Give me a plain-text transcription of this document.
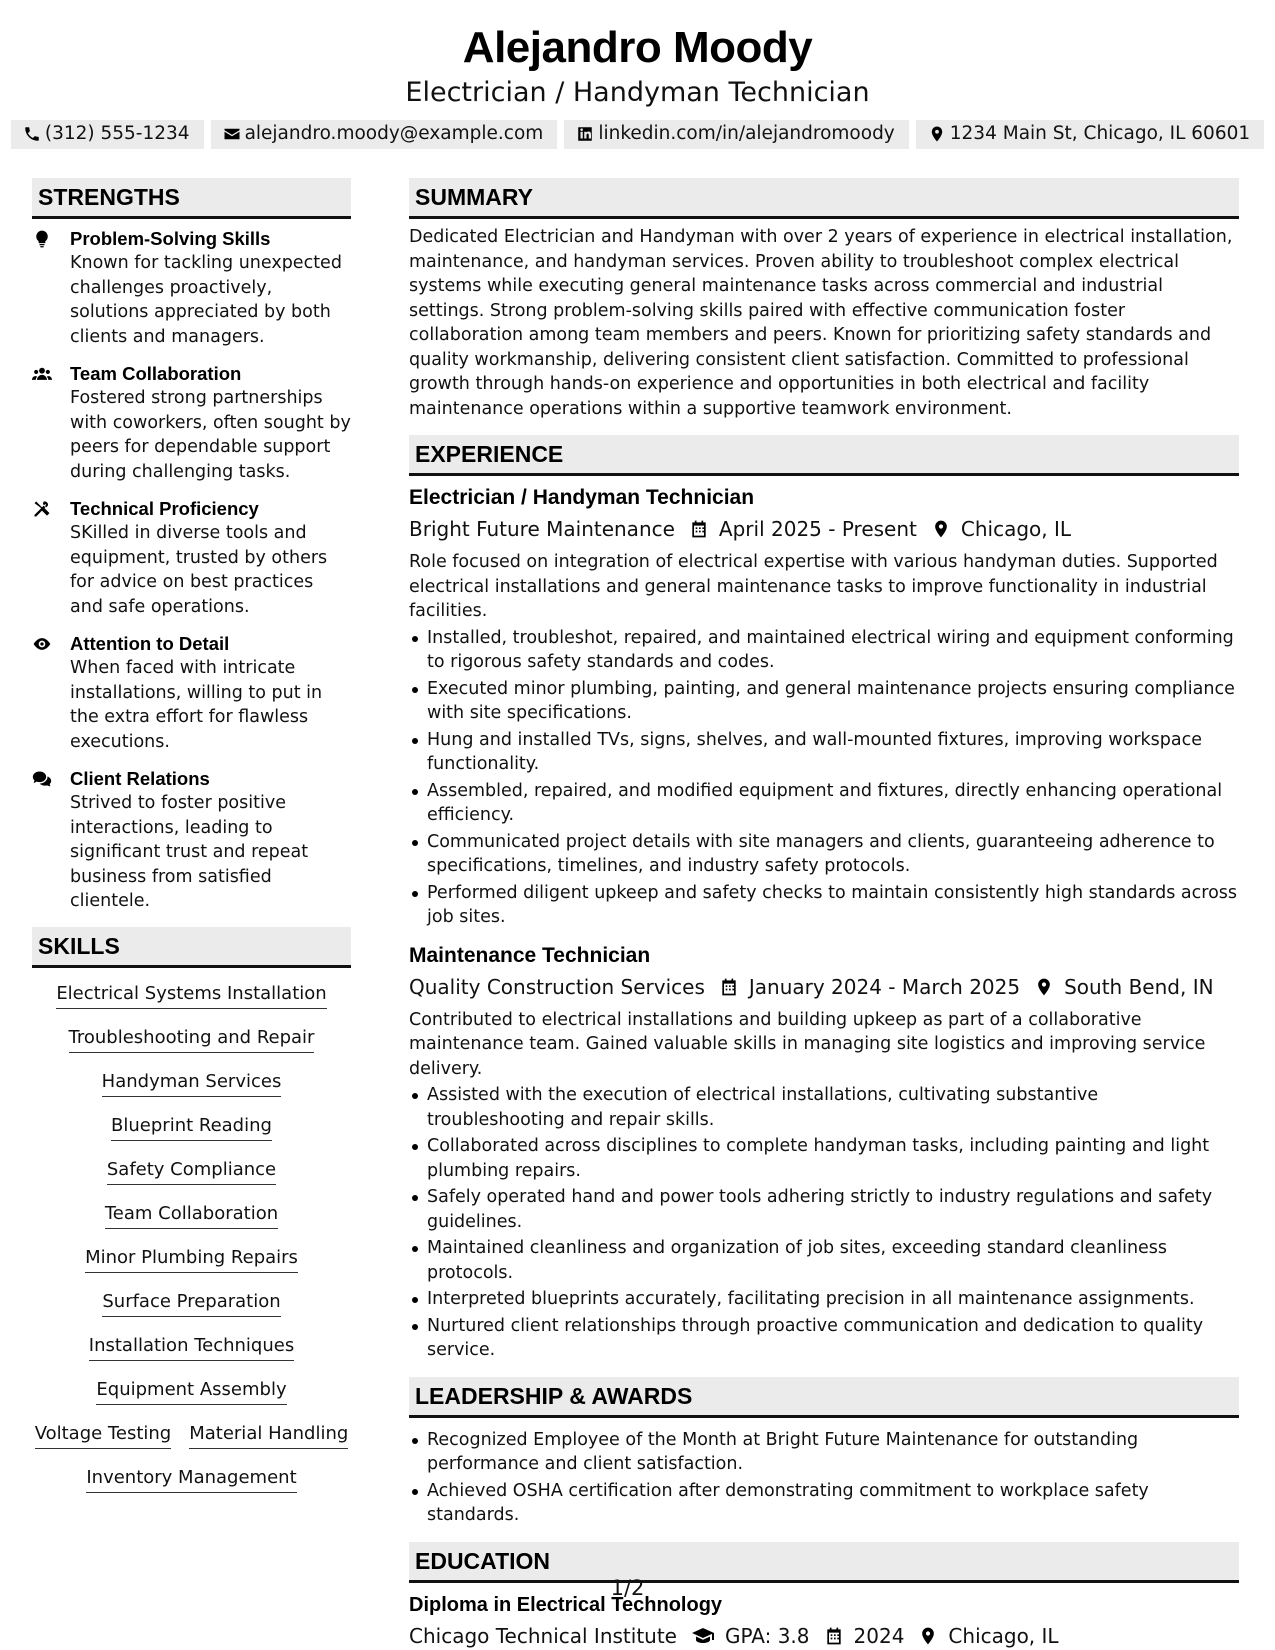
Alejandro Moody
Electrician / Handyman Technician
(312) 555-1234	alejandro.moody@example.com	linkedin.com/in/alejandromoody	1234 Main St, Chicago, IL 60601
STRENGTHS
Problem-Solving Skills
Known for tackling unexpected challenges proactively, solutions appreciated by both clients and managers.
Team Collaboration
Fostered strong partnerships with coworkers, often sought by peers for dependable support during challenging tasks.
Technical Proficiency
SKilled in diverse tools and equipment, trusted by others for advice on best practices and safe operations.
Attention to Detail
When faced with intricate installations, willing to put in the extra effort for flawless executions.
Client Relations
Strived to foster positive interactions, leading to significant trust and repeat business from satisfied clientele.
SKILLS
Electrical Systems Installation
Troubleshooting and Repair
Handyman Services
Blueprint Reading
Safety Compliance
Team Collaboration
Minor Plumbing Repairs
Surface Preparation
Installation Techniques
Equipment Assembly
Voltage Testing Material Handling
Inventory Management
SUMMARY
Dedicated Electrician and Handyman with over 2 years of experience in electrical installation, maintenance, and handyman services. Proven ability to troubleshoot complex electrical systems while executing general maintenance tasks across commercial and industrial settings. Strong problem-solving skills paired with effective communication foster collaboration among team members and peers. Known for prioritizing safety standards and quality workmanship, delivering consistent client satisfaction. Committed to professional growth through hands-on experience and opportunities in both electrical and facility maintenance operations within a supportive teamwork environment.
EXPERIENCE
Electrician / Handyman Technician
Bright Future Maintenance April 2025 - Present Chicago, IL
Role focused on integration of electrical expertise with various handyman duties. Supported electrical installations and general maintenance tasks to improve functionality in industrial facilities.
Installed, troubleshot, repaired, and maintained electrical wiring and equipment conforming to rigorous safety standards and codes.
Executed minor plumbing, painting, and general maintenance projects ensuring compliance with site specifications.
Hung and installed TVs, signs, shelves, and wall-mounted fixtures, improving workspace functionality.
Assembled, repaired, and modified equipment and fixtures, directly enhancing operational efficiency.
Communicated project details with site managers and clients, guaranteeing adherence to specifications, timelines, and industry safety protocols.
Performed diligent upkeep and safety checks to maintain consistently high standards across job sites.
Maintenance Technician
Quality Construction Services January 2024 - March 2025 South Bend, IN
Contributed to electrical installations and building upkeep as part of a collaborative maintenance team. Gained valuable skills in managing site logistics and improving service delivery.
Assisted with the execution of electrical installations, cultivating substantive troubleshooting and repair skills.
Collaborated across disciplines to complete handyman tasks, including painting and light plumbing repairs.
Safely operated hand and power tools adhering strictly to industry regulations and safety guidelines.
Maintained cleanliness and organization of job sites, exceeding standard cleanliness protocols.
Interpreted blueprints accurately, facilitating precision in all maintenance assignments.
Nurtured client relationships through proactive communication and dedication to quality service.
LEADERSHIP & AWARDS
Recognized Employee of the Month at Bright Future Maintenance for outstanding performance and client satisfaction.
Achieved OSHA certification after demonstrating commitment to workplace safety standards.
EDUCATION
Diploma in Electrical Technology
Chicago Technical Institute GPA: 3.8 2024 Chicago, IL
1/2
